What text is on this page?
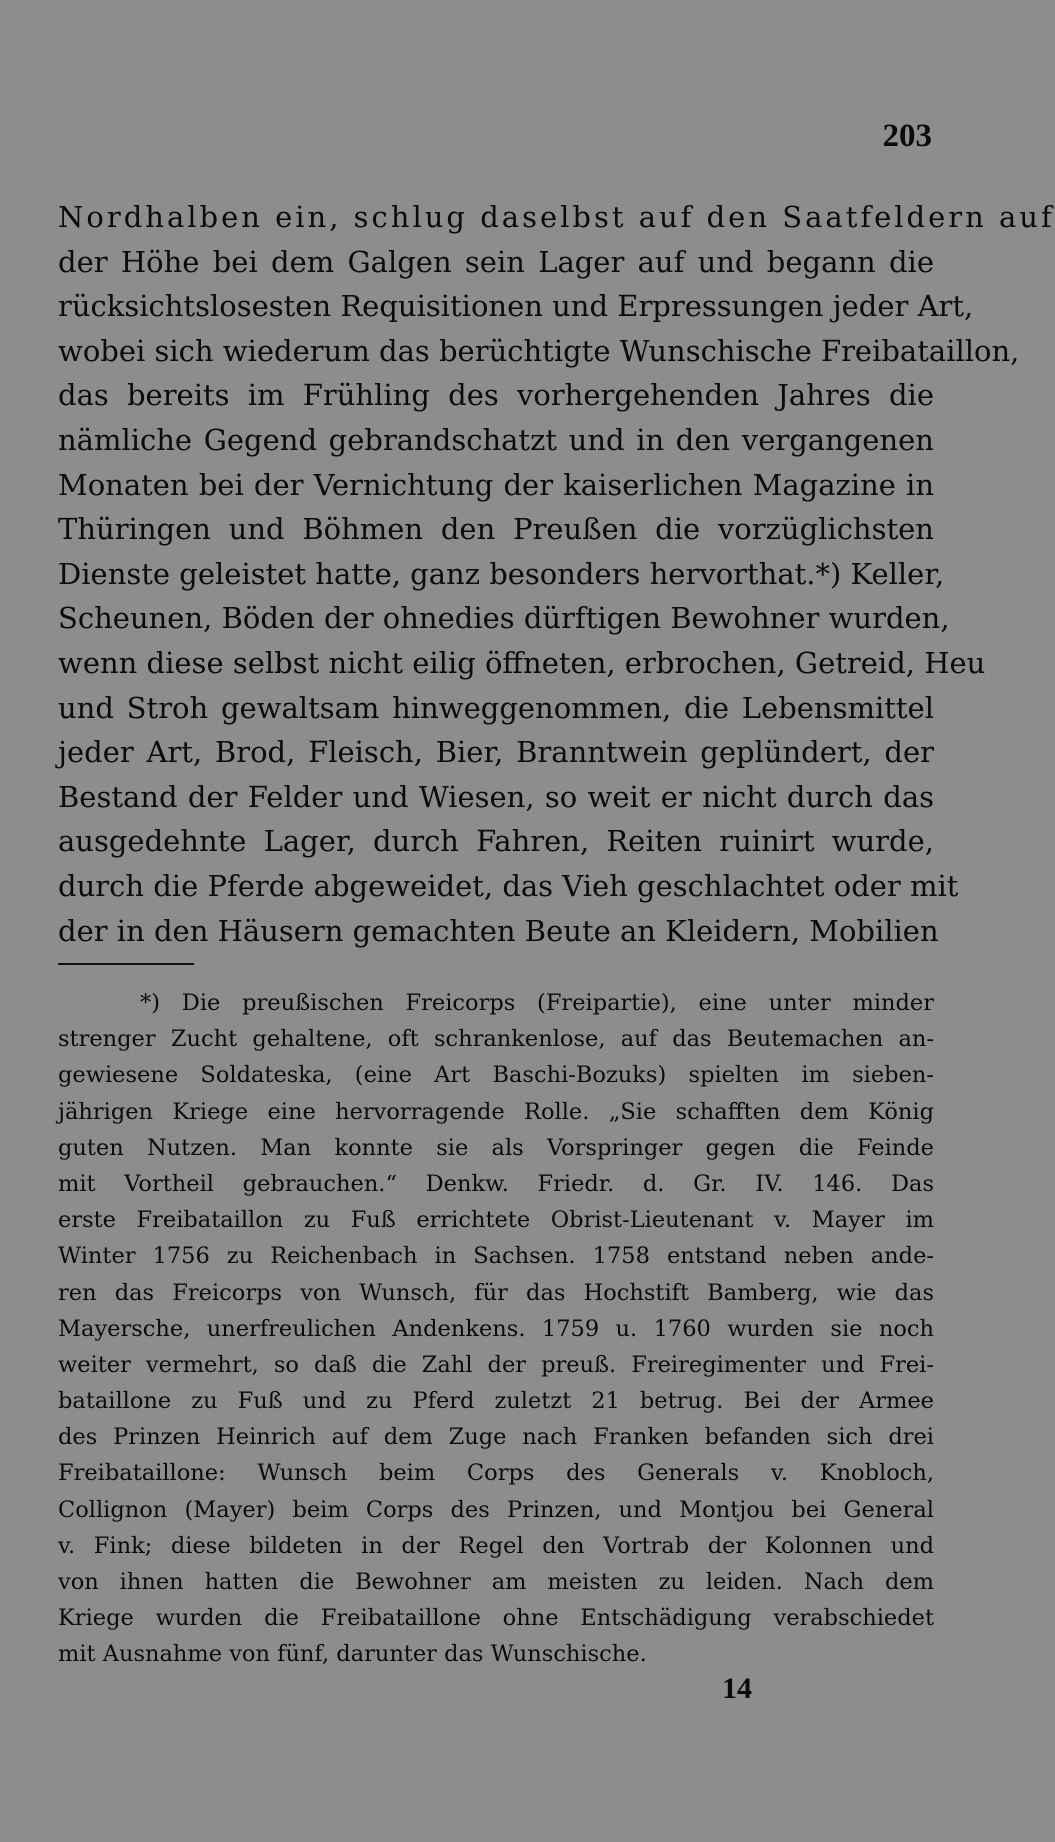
203
Nordhalben ein, schlug daselbst auf den Saatfeldern auf
der Höhe bei dem Galgen sein Lager auf und begann die
rücksichtslosesten Requisitionen und Erpressungen jeder Art,
wobei sich wiederum das berüchtigte Wunschische Freibataillon,
das bereits im Frühling des vorhergehenden Jahres die
nämliche Gegend gebrandschatzt und in den vergangenen
Monaten bei der Vernichtung der kaiserlichen Magazine in
Thüringen und Böhmen den Preußen die vorzüglichsten
Dienste geleistet hatte, ganz besonders hervorthat.*) Keller,
Scheunen, Böden der ohnedies dürftigen Bewohner wurden,
wenn diese selbst nicht eilig öffneten, erbrochen, Getreid, Heu
und Stroh gewaltsam hinweggenommen, die Lebensmittel
jeder Art, Brod, Fleisch, Bier, Branntwein geplündert, der
Bestand der Felder und Wiesen, so weit er nicht durch das
ausgedehnte Lager, durch Fahren, Reiten ruinirt wurde,
durch die Pferde abgeweidet, das Vieh geschlachtet oder mit
der in den Häusern gemachten Beute an Kleidern, Mobilien
*) Die preußischen Freicorps (Freipartie), eine unter minder
strenger Zucht gehaltene, oft schrankenlose, auf das Beutemachen an-
gewiesene Soldateska, (eine Art Baschi-Bozuks) spielten im sieben-
jährigen Kriege eine hervorragende Rolle. „Sie schafften dem König
guten Nutzen. Man konnte sie als Vorspringer gegen die Feinde
mit Vortheil gebrauchen.“ Denkw. Friedr. d. Gr. IV. 146. Das
erste Freibataillon zu Fuß errichtete Obrist-Lieutenant v. Mayer im
Winter 1756 zu Reichenbach in Sachsen. 1758 entstand neben ande-
ren das Freicorps von Wunsch, für das Hochstift Bamberg, wie das
Mayersche, unerfreulichen Andenkens. 1759 u. 1760 wurden sie noch
weiter vermehrt, so daß die Zahl der preuß. Freiregimenter und Frei-
bataillone zu Fuß und zu Pferd zuletzt 21 betrug. Bei der Armee
des Prinzen Heinrich auf dem Zuge nach Franken befanden sich drei
Freibataillone: Wunsch beim Corps des Generals v. Knobloch,
Collignon (Mayer) beim Corps des Prinzen, und Montjou bei General
v. Fink; diese bildeten in der Regel den Vortrab der Kolonnen und
von ihnen hatten die Bewohner am meisten zu leiden. Nach dem
Kriege wurden die Freibataillone ohne Entschädigung verabschiedet
mit Ausnahme von fünf, darunter das Wunschische.
14
